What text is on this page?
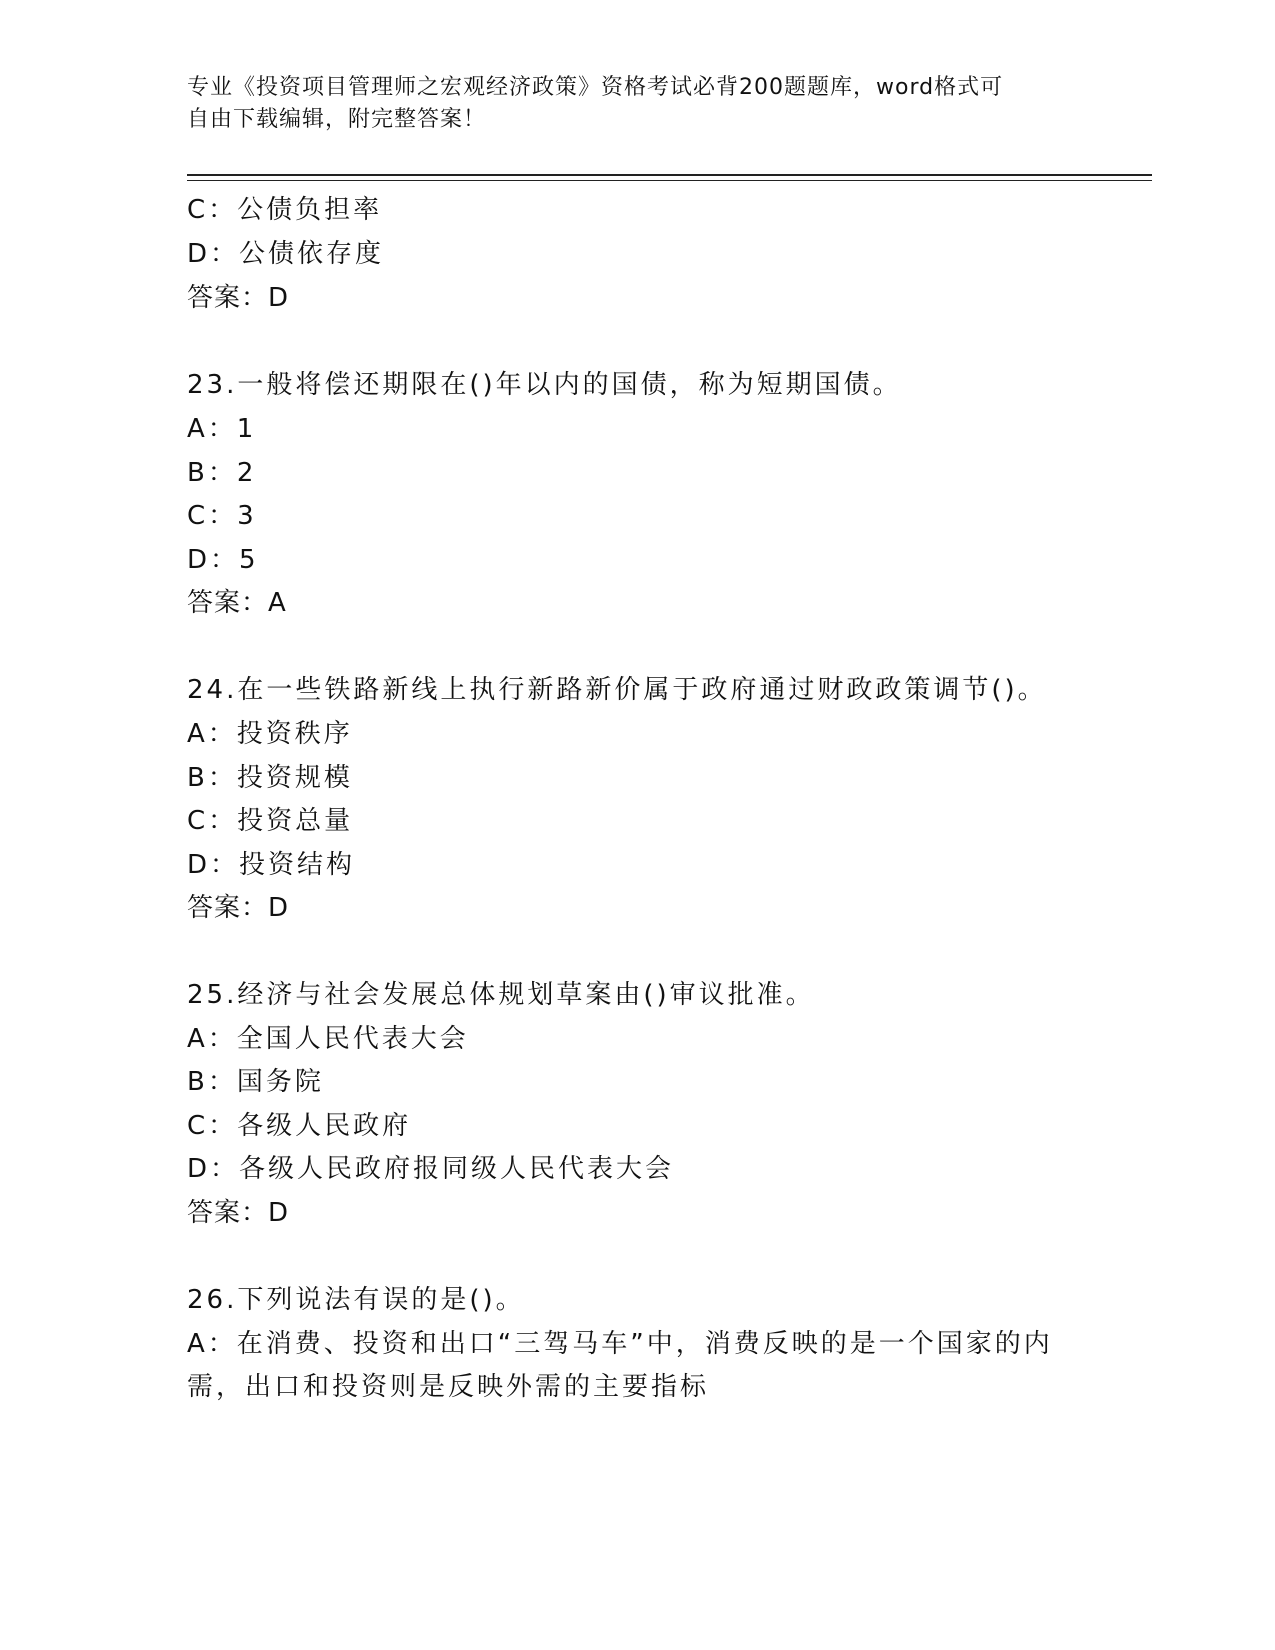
专业《投资项目管理师之宏观经济政策》资格考试必背200题题库，word格式可
自由下载编辑，附完整答案！
C：公债负担率
D：公债依存度
答案：D
23.一般将偿还期限在()年以内的国债，称为短期国债。
A：1
B：2
C：3
D：5
答案：A
24.在一些铁路新线上执行新路新价属于政府通过财政政策调节()。
A：投资秩序
B：投资规模
C：投资总量
D：投资结构
答案：D
25.经济与社会发展总体规划草案由()审议批准。
A：全国人民代表大会
B：国务院
C：各级人民政府
D：各级人民政府报同级人民代表大会
答案：D
26.下列说法有误的是()。
A：在消费、投资和出口“三驾马车”中，消费反映的是一个国家的内
需，出口和投资则是反映外需的主要指标
